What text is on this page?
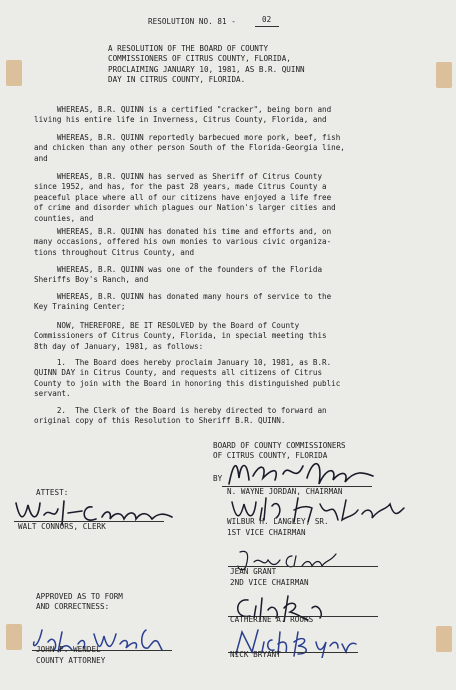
RESOLUTION NO. 81 -	02
A RESOLUTION OF THE BOARD OF COUNTY
COMMISSIONERS OF CITRUS COUNTY, FLORIDA,
PROCLAIMING JANUARY 10, 1981, AS B.R. QUINN
DAY IN CITRUS COUNTY, FLORIDA.
WHEREAS, B.R. QUINN is a certified "cracker", being born and
living his entire life in Inverness, Citrus County, Florida, and
WHEREAS, B.R. QUINN reportedly barbecued more pork, beef, fish
and chicken than any other person South of the Florida-Georgia line,
and
WHEREAS, B.R. QUINN has served as Sheriff of Citrus County
since 1952, and has, for the past 28 years, made Citrus County a
peaceful place where all of our citizens have enjoyed a life free
of crime and disorder which plagues our Nation's larger cities and
counties, and
WHEREAS, B.R. QUINN has donated his time and efforts and, on
many occasions, offered his own monies to various civic organiza-
tions throughout Citrus County, and
WHEREAS, B.R. QUINN was one of the founders of the Florida
Sheriffs Boy's Ranch, and
WHEREAS, B.R. QUINN has donated many hours of service to the
Key Training Center;
NOW, THEREFORE, BE IT RESOLVED by the Board of County
Commissioners of Citrus County, Florida, in special meeting this
8th day of January, 1981, as follows:
1.  The Board does hereby proclaim January 10, 1981, as B.R.
QUINN DAY in Citrus County, and requests all citizens of Citrus
County to join with the Board in honoring this distinguished public
servant.
2.  The Clerk of the Board is hereby directed to forward an
original copy of this Resolution to Sheriff B.R. QUINN.
BOARD OF COUNTY COMMISSIONERS
OF CITRUS COUNTY, FLORIDA
BY
N. WAYNE JORDAN, CHAIRMAN
ATTEST:
WALT CONNORS, CLERK
WILBUR H. LANGLEY, SR.
1ST VICE CHAIRMAN
JEAN GRANT
2ND VICE CHAIRMAN
APPROVED AS TO FORM
AND CORRECTNESS:
CATHERINE A. ROOKS
JOHN F. WENDEL
COUNTY ATTORNEY
NICK BRYANT
